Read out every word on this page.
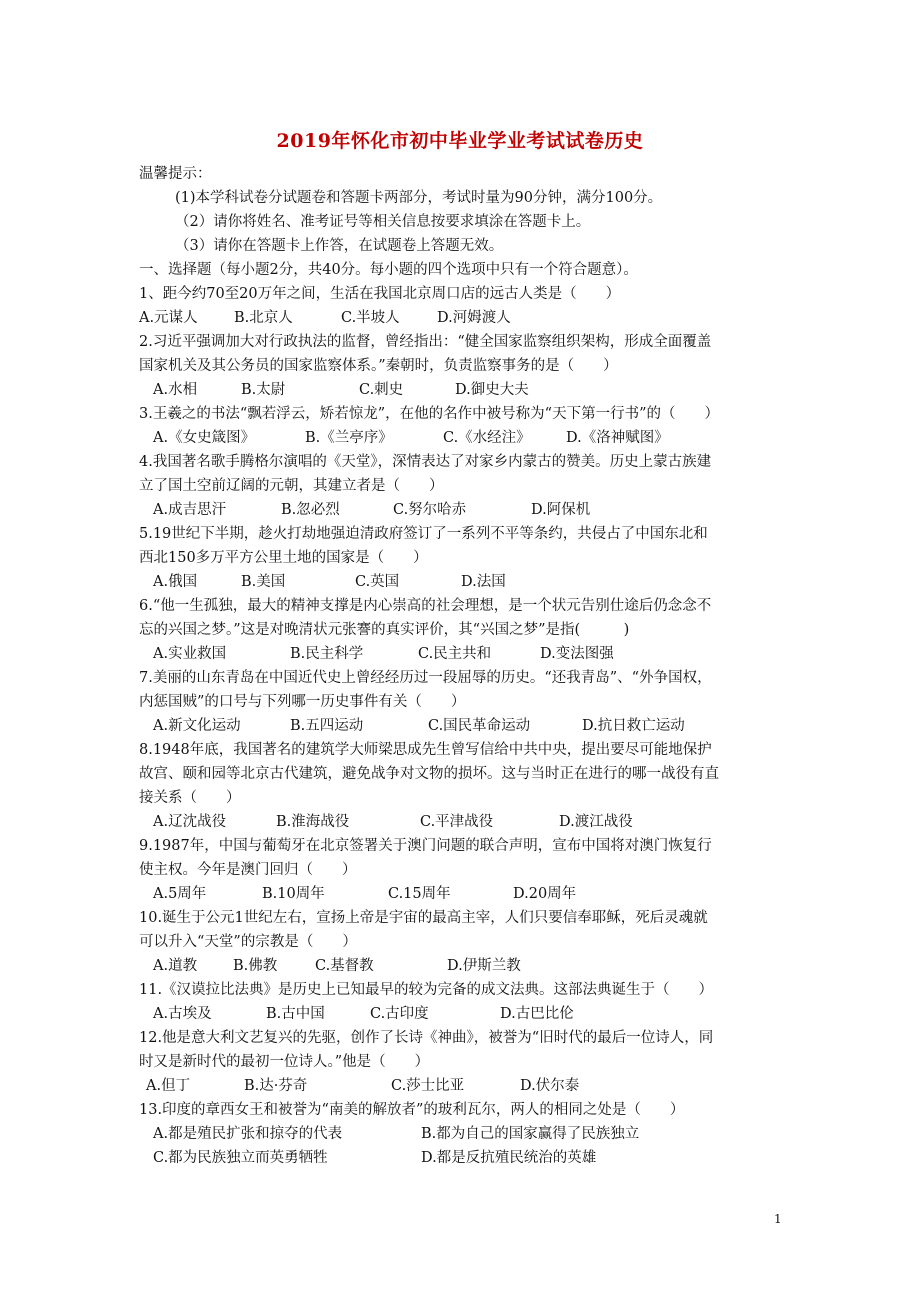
2019年怀化市初中毕业学业考试试卷历史
温馨提示：
(1)本学科试卷分试题卷和答题卡两部分，考试时量为90分钟，满分100分。
（2）请你将姓名、准考证号等相关信息按要求填涂在答题卡上。
（3）请你在答题卡上作答，在试题卷上答题无效。
一、选择题（每小题2分，共40分。每小题的四个选项中只有一个符合题意）。
1、距今约70至20万年之间，生活在我国北京周口店的远古人类是（　　）
A.元谋人	B.北京人	C.半坡人	D.河姆渡人
2.习近平强调加大对行政执法的监督，曾经指出：“健全国家监察组织架构，形成全面覆盖
国家机关及其公务员的国家监察体系。”秦朝时，负责监察事务的是（　　）
A.水相	B.太尉	C.刺史	D.御史大夫
3.王羲之的书法“飘若浮云，矫若惊龙”，在他的名作中被号称为“天下第一行书”的（　　）
A.《女史箴图》	B.《兰亭序》	C.《水经注》	D.《洛神赋图》
4.我国著名歌手腾格尔演唱的《天堂》，深情表达了对家乡内蒙古的赞美。历史上蒙古族建
立了国土空前辽阔的元朝，其建立者是（　　）
A.成吉思汗	B.忽必烈	C.努尔哈赤	D.阿保机
5.19世纪下半期，趁火打劫地强迫清政府签订了一系列不平等条约，共侵占了中国东北和
西北150多万平方公里土地的国家是（　　）
A.俄国	B.美国	C.英国	D.法国
6.“他一生孤独，最大的精神支撑是内心崇高的社会理想，是一个状元告别仕途后仍念念不
忘的兴国之梦。”这是对晚清状元张謇的真实评价，其“兴国之梦”是指(　　　)
A.实业救国	B.民主科学	C.民主共和	D.变法图强
7.美丽的山东青岛在中国近代史上曾经经历过一段屈辱的历史。“还我青岛”、“外争国权，
内惩国贼”的口号与下列哪一历史事件有关（　　）
A.新文化运动	B.五四运动	C.国民革命运动	D.抗日救亡运动
8.1948年底，我国著名的建筑学大师梁思成先生曾写信给中共中央，提出要尽可能地保护
故宫、颐和园等北京古代建筑，避免战争对文物的损坏。这与当时正在进行的哪一战役有直
接关系（　　）
A.辽沈战役	B.淮海战役	C.平津战役	D.渡江战役
9.1987年，中国与葡萄牙在北京签署关于澳门问题的联合声明，宣布中国将对澳门恢复行
使主权。今年是澳门回归（　　）
A.5周年	B.10周年	C.15周年	D.20周年
10.诞生于公元1世纪左右，宣扬上帝是宇宙的最高主宰，人们只要信奉耶稣，死后灵魂就
可以升入“天堂”的宗教是（　　）
A.道教	B.佛教	C.基督教	D.伊斯兰教
11.《汉谟拉比法典》是历史上已知最早的较为完备的成文法典。这部法典诞生于（　　）
A.古埃及	B.古中国	C.古印度	D.古巴比伦
12.他是意大利文艺复兴的先驱，创作了长诗《神曲》，被誉为“旧时代的最后一位诗人，同
时又是新时代的最初一位诗人。”他是（　　）
A.但丁	B.达·芬奇	C.莎士比亚	D.伏尔泰
13.印度的章西女王和被誉为“南美的解放者”的玻利瓦尔，两人的相同之处是（　　）
A.都是殖民扩张和掠夺的代表	B.都为自己的国家赢得了民族独立
C.都为民族独立而英勇牺牲	D.都是反抗殖民统治的英雄
1
